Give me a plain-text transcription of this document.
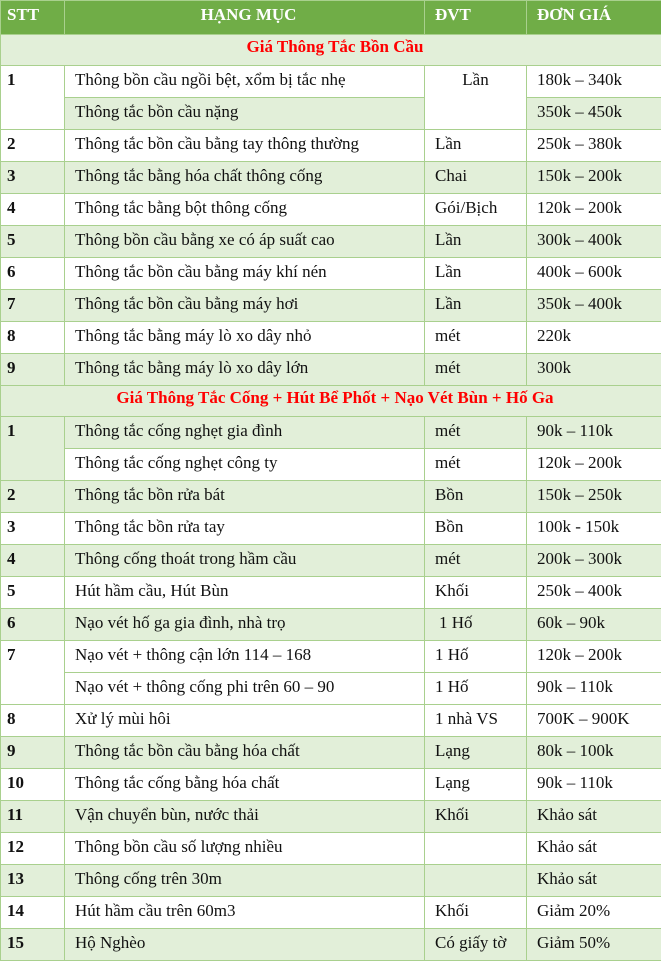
STT	HẠNG MỤC	ĐVT	ĐƠN GIÁ
Giá Thông Tắc Bồn Cầu			
1	Thông bồn cầu ngồi bệt, xổm bị tắc nhẹ	Lần	180k – 340k
	Thông tắc bồn cầu nặng		350k – 450k
2	Thông tắc bồn cầu bằng tay thông thường	Lần	250k – 380k
3	Thông tắc bằng hóa chất thông cống	Chai	150k – 200k
4	Thông tắc bằng bột thông cống	Gói/Bịch	120k – 200k
5	Thông bồn cầu bằng xe có áp suất cao	Lần	300k – 400k
6	Thông tắc bồn cầu bằng máy khí nén	Lần	400k – 600k
7	Thông tắc bồn cầu bằng máy hơi	Lần	350k – 400k
8	Thông tắc bằng máy lò xo dây nhỏ	mét	220k
9	Thông tắc bằng máy lò xo dây lớn	mét	300k
Giá Thông Tắc Cống + Hút Bể Phốt + Nạo Vét Bùn + Hố Ga			
1	Thông tắc cống nghẹt gia đình	mét	90k – 110k
	Thông tắc cống nghẹt công ty	mét	120k – 200k
2	Thông tắc bồn rửa bát	Bồn	150k – 250k
3	Thông tắc bồn rửa tay	Bồn	100k - 150k
4	Thông cống thoát trong hầm cầu	mét	200k – 300k
5	Hút hầm cầu, Hút Bùn	Khối	250k – 400k
6	Nạo vét hố ga gia đình, nhà trọ	1 Hố	60k – 90k
7	Nạo vét + thông cận lớn 114 – 168	1 Hố	120k – 200k
	Nạo vét + thông cống phi trên 60 – 90	1 Hố	90k – 110k
8	Xử lý mùi hôi	1 nhà VS	700K – 900K
9	Thông tắc bồn cầu bằng hóa chất	Lạng	80k – 100k
10	Thông tắc cống bằng hóa chất	Lạng	90k – 110k
11	Vận chuyển bùn, nước thải	Khối	Khảo sát
12	Thông bồn cầu số lượng nhiều		Khảo sát
13	Thông cống trên 30m		Khảo sát
14	Hút hầm cầu trên 60m3	Khối	Giảm 20%
15	Hộ Nghèo	Có giấy tờ	Giảm 50%
